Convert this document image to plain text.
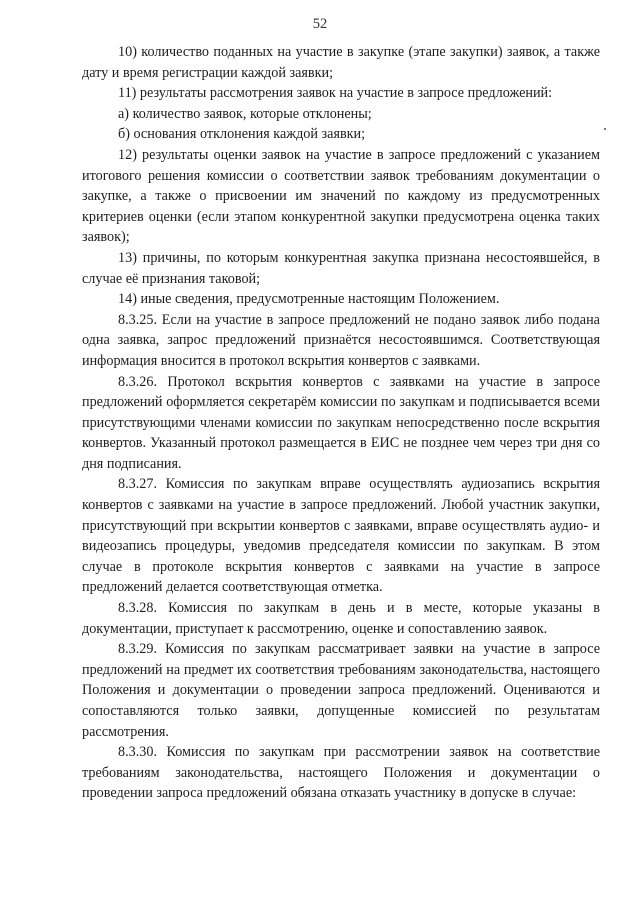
52

10) количество поданных на участие в закупке (этапе закупки) заявок, а также дату и время регистрации каждой заявки;

11) результаты рассмотрения заявок на участие в запросе предложений:

а) количество заявок, которые отклонены;

б) основания отклонения каждой заявки;

12) результаты оценки заявок на участие в запросе предложений с указанием итогового решения комиссии о соответствии заявок требованиям документации о закупке, а также о присвоении им значений по каждому из предусмотренных критериев оценки (если этапом конкурентной закупки предусмотрена оценка таких заявок);

13) причины, по которым конкурентная закупка признана несостоявшейся, в случае её признания таковой;

14) иные сведения, предусмотренные настоящим Положением.

8.3.25. Если на участие в запросе предложений не подано заявок либо подана одна заявка, запрос предложений признаётся несостоявшимся. Соответствующая информация вносится в протокол вскрытия конвертов с заявками.

8.3.26. Протокол вскрытия конвертов с заявками на участие в запросе предложений оформляется секретарём комиссии по закупкам и подписывается всеми присутствующими членами комиссии по закупкам непосредственно после вскрытия конвертов. Указанный протокол размещается в ЕИС не позднее чем через три дня со дня подписания.

8.3.27. Комиссия по закупкам вправе осуществлять аудиозапись вскрытия конвертов с заявками на участие в запросе предложений. Любой участник закупки, присутствующий при вскрытии конвертов с заявками, вправе осуществлять аудио- и видеозапись процедуры, уведомив председателя комиссии по закупкам. В этом случае в протоколе вскрытия конвертов с заявками на участие в запросе предложений делается соответствующая отметка.

8.3.28. Комиссия по закупкам в день и в месте, которые указаны в документации, приступает к рассмотрению, оценке и сопоставлению заявок.

8.3.29. Комиссия по закупкам рассматривает заявки на участие в запросе предложений на предмет их соответствия требованиям законодательства, настоящего Положения и документации о проведении запроса предложений. Оцениваются и сопоставляются только заявки, допущенные комиссией по результатам рассмотрения.

8.3.30. Комиссия по закупкам при рассмотрении заявок на соответствие требованиям законодательства, настоящего Положения и документации о проведении запроса предложений обязана отказать участнику в допуске в случае:
